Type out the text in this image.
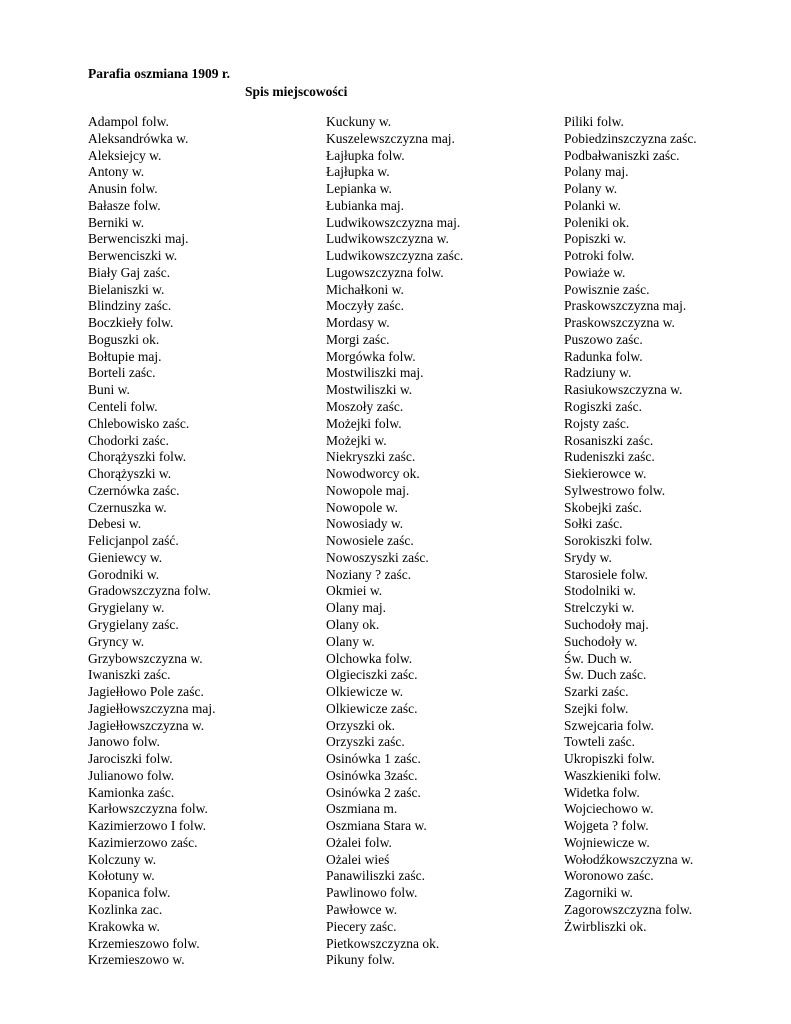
Parafia oszmiana 1909 r.
Spis miejscowości
Adampol folw.
Aleksandrówka w.
Aleksiejcy w.
Antony w.
Anusin folw.
Bałasze folw.
Berniki w.
Berwenciszki maj.
Berwenciszki w.
Biały Gaj zaśc.
Bielaniszki w.
Blindziny zaśc.
Boczkieły folw.
Boguszki ok.
Bołtupie maj.
Borteli zaśc.
Buni w.
Centeli folw.
Chlebowisko zaśc.
Chodorki zaśc.
Chorążyszki folw.
Chorążyszki w.
Czernówka zaśc.
Czernuszka w.
Debesi w.
Felicjanpol zaść.
Gieniewcy w.
Gorodniki w.
Gradowszczyzna folw.
Grygielany w.
Grygielany zaśc.
Gryncy w.
Grzybowszczyzna w.
Iwaniszki zaśc.
Jagiełłowo Pole zaśc.
Jagiełłowszczyzna maj.
Jagiełłowszczyzna w.
Janowo folw.
Jarociszki folw.
Julianowo folw.
Kamionka zaśc.
Karłowszczyzna folw.
Kazimierzowo I folw.
Kazimierzowo zaśc.
Kolczuny w.
Kołotuny w.
Kopanica folw.
Kozlinka zac.
Krakowka w.
Krzemieszowo folw.
Krzemieszowo w.
Kuckuny w.
Kuszelewszczyzna maj.
Łajłupka folw.
Łajłupka w.
Lepianka w.
Łubianka maj.
Ludwikowszczyzna maj.
Ludwikowszczyzna w.
Ludwikowszczyzna zaśc.
Lugowszczyzna folw.
Michałkoni w.
Moczyły zaśc.
Mordasy w.
Morgi zaśc.
Morgówka folw.
Mostwiliszki maj.
Mostwiliszki w.
Moszoły zaśc.
Możejki folw.
Możejki w.
Niekryszki zaśc.
Nowodworcy ok.
Nowopole maj.
Nowopole w.
Nowosiady w.
Nowosiele zaśc.
Nowoszyszki zaśc.
Noziany ? zaśc.
Okmiei w.
Olany maj.
Olany ok.
Olany w.
Olchowka folw.
Olgieciszki zaśc.
Olkiewicze w.
Olkiewicze zaśc.
Orzyszki ok.
Orzyszki zaśc.
Osinówka 1 zaśc.
Osinówka 3zaśc.
Osinówka 2 zaśc.
Oszmiana m.
Oszmiana Stara w.
Ożalei folw.
Ożalei wieś
Panawiliszki zaśc.
Pawlinowo folw.
Pawłowce w.
Piecery zaśc.
Pietkowszczyzna ok.
Pikuny folw.
Piliki folw.
Pobiedzinszczyzna zaśc.
Podbałwaniszki zaśc.
Polany maj.
Polany w.
Polanki w.
Poleniki ok.
Popiszki w.
Potroki folw.
Powiaże w.
Powisznie zaśc.
Praskowszczyzna maj.
Praskowszczyzna w.
Puszowo zaśc.
Radunka folw.
Radziuny w.
Rasiukowszczyzna w.
Rogiszki zaśc.
Rojsty zaśc.
Rosaniszki zaśc.
Rudeniszki zaśc.
Siekierowce w.
Sylwestrowo folw.
Skobejki zaśc.
Sołki zaśc.
Sorokiszki folw.
Srydy w.
Starosiele folw.
Stodolniki w.
Strelczyki w.
Suchodoły maj.
Suchodoły w.
Św. Duch w.
Św. Duch zaśc.
Szarki zaśc.
Szejki folw.
Szwejcaria folw.
Towteli zaśc.
Ukropiszki folw.
Waszkieniki folw.
Widetka folw.
Wojciechowo w.
Wojgeta ? folw.
Wojniewicze w.
Wołodźkowszczyzna w.
Woronowo zaśc.
Zagorniki w.
Zagorowszczyzna folw.
Żwirbliszki ok.
